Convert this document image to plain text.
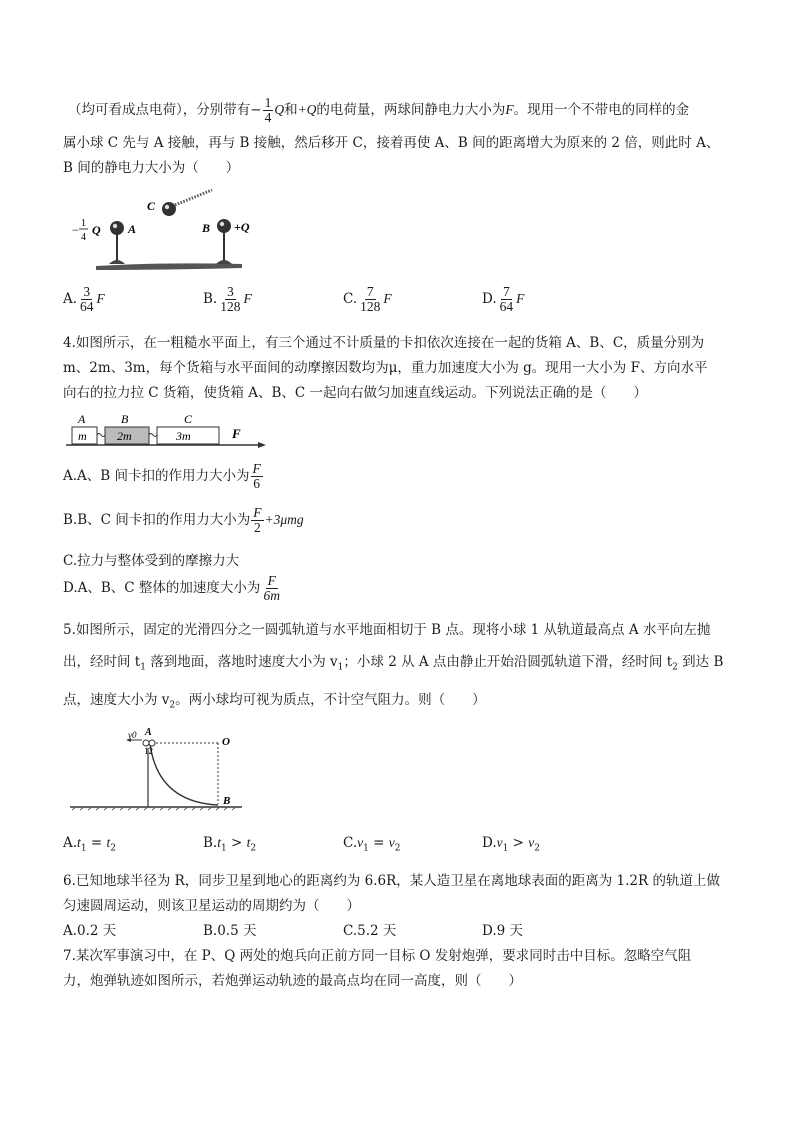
（均可看成点电荷），分别带有− $\frac{1}{4}$ Q和+Q的电荷量，两球间静电力大小为F。现用一个不带电的同样的金
属小球 C 先与 A 接触，再与 B 接触，然后移开 C，接着再使 A、B 间的距离增大为原来的 2 倍，则此时 A、
B 间的静电力大小为（　　）
C
A	B +Q
− 1
4
Q
A. $\frac{3}{64}$ F	B. $\frac{3}{128}$ F	C. $\frac{7}{128}$ F	D. $\frac{7}{64}$ F
4.如图所示，在一粗糙水平面上，有三个通过不计质量的卡扣依次连接在一起的货箱 A、B、C，质量分别为
m、2m、3m，每个货箱与水平面间的动摩擦因数均为μ，重力加速度大小为 g。现用一大小为 F、方向水平
向右的拉力拉 C 货箱，使货箱 A、B、C 一起向右做匀加速直线运动。下列说法正确的是（　　）
A
m
B
2m
C
3m	F
A.A、B 间卡扣的作用力大小为 $\frac{F}{6}$
B.B、C 间卡扣的作用力大小为 $\frac{F}{2} +3\mu mg$
C.拉力与整体受到的摩擦力大
D.A、B、C 整体的加速度大小为 $\frac{F}{6m}$
5.如图所示，固定的光滑四分之一圆弧轨道与水平地面相切于 B 点。现将小球 1 从轨道最高点 A 水平向左抛
出，经时间 $t_1$ 落到地面，落地时速度大小为 $v_1$；小球 2 从 A 点由静止开始沿圆弧轨道下滑，经时间 $t_2$ 到达 B
点，速度大小为 $v_2$。两小球均可视为质点，不计空气阻力。则（　　）
v0 A
12
O
B
$A.t_1 = t_2$	$B.t_1 > t_2$	$C.v_1 = v_2$	$D.v_1 > v_2$
6.已知地球半径为 R，同步卫星到地心的距离约为 6.6R，某人造卫星在离地球表面的距离为 1.2R 的轨道上做
匀速圆周运动，则该卫星运动的周期约为（　　）
A.0.2 天	B.0.5 天	C.5.2 天	D.9 天
7.某次军事演习中，在 P、Q 两处的炮兵向正前方同一目标 O 发射炮弹，要求同时击中目标。忽略空气阻
力，炮弹轨迹如图所示，若炮弹运动轨迹的最高点均在同一高度，则（　　）
